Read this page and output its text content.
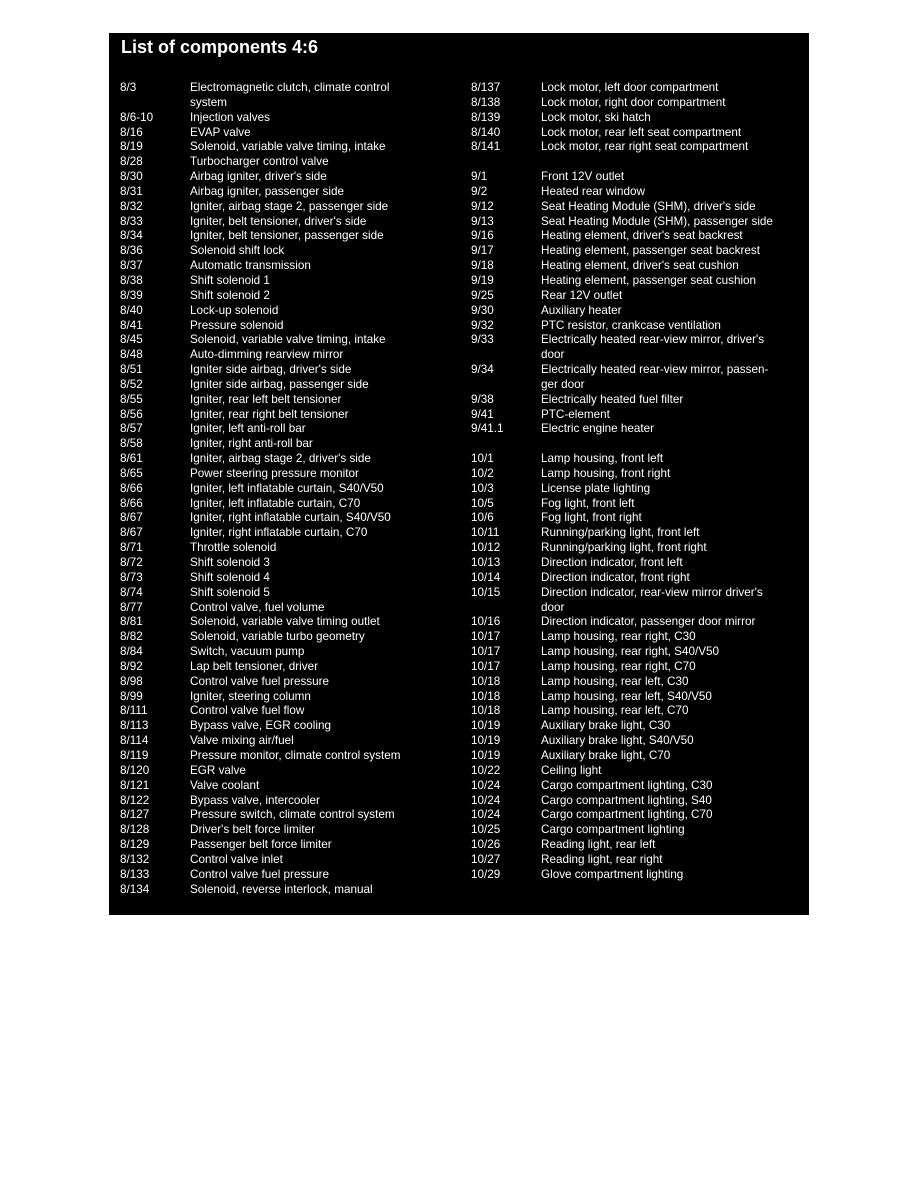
List of components 4:6
8/3	Electromagnetic clutch, climate control
system
8/6-10	Injection valves
8/16	EVAP valve
8/19	Solenoid, variable valve timing, intake
8/28	Turbocharger control valve
8/30	Airbag igniter, driver's side
8/31	Airbag igniter, passenger side
8/32	Igniter, airbag stage 2, passenger side
8/33	Igniter, belt tensioner, driver's side
8/34	Igniter, belt tensioner, passenger side
8/36	Solenoid shift lock
8/37	Automatic transmission
8/38	Shift solenoid 1
8/39	Shift solenoid 2
8/40	Lock-up solenoid
8/41	Pressure solenoid
8/45	Solenoid, variable valve timing, intake
8/48	Auto-dimming rearview mirror
8/51	Igniter side airbag, driver's side
8/52	Igniter side airbag, passenger side
8/55	Igniter, rear left belt tensioner
8/56	Igniter, rear right belt tensioner
8/57	Igniter, left anti-roll bar
8/58	Igniter, right anti-roll bar
8/61	Igniter, airbag stage 2, driver's side
8/65	Power steering pressure monitor
8/66	Igniter, left inflatable curtain, S40/V50
8/66	Igniter, left inflatable curtain, C70
8/67	Igniter, right inflatable curtain, S40/V50
8/67	Igniter, right inflatable curtain, C70
8/71	Throttle solenoid
8/72	Shift solenoid 3
8/73	Shift solenoid 4
8/74	Shift solenoid 5
8/77	Control valve, fuel volume
8/81	Solenoid, variable valve timing outlet
8/82	Solenoid, variable turbo geometry
8/84	Switch, vacuum pump
8/92	Lap belt tensioner, driver
8/98	Control valve fuel pressure
8/99	Igniter, steering column
8/111	Control valve fuel flow
8/113	Bypass valve, EGR cooling
8/114	Valve mixing air/fuel
8/119	Pressure monitor, climate control system
8/120	EGR valve
8/121	Valve coolant
8/122	Bypass valve, intercooler
8/127	Pressure switch, climate control system
8/128	Driver's belt force limiter
8/129	Passenger belt force limiter
8/132	Control valve inlet
8/133	Control valve fuel pressure
8/134	Solenoid, reverse interlock, manual
8/137	Lock motor, left door compartment
8/138	Lock motor, right door compartment
8/139	Lock motor, ski hatch
8/140	Lock motor, rear left seat compartment
8/141	Lock motor, rear right seat compartment
9/1	Front 12V outlet
9/2	Heated rear window
9/12	Seat Heating Module (SHM), driver's side
9/13	Seat Heating Module (SHM), passenger side
9/16	Heating element, driver's seat backrest
9/17	Heating element, passenger seat backrest
9/18	Heating element, driver's seat cushion
9/19	Heating element, passenger seat cushion
9/25	Rear 12V outlet
9/30	Auxiliary heater
9/32	PTC resistor, crankcase ventilation
9/33	Electrically heated rear-view mirror, driver's
door
9/34	Electrically heated rear-view mirror, passen-
ger door
9/38	Electrically heated fuel filter
9/41	PTC-element
9/41.1	Electric engine heater
10/1	Lamp housing, front left
10/2	Lamp housing, front right
10/3	License plate lighting
10/5	Fog light, front left
10/6	Fog light, front right
10/11	Running/parking light, front left
10/12	Running/parking light, front right
10/13	Direction indicator, front left
10/14	Direction indicator, front right
10/15	Direction indicator, rear-view mirror driver's
door
10/16	Direction indicator, passenger door mirror
10/17	Lamp housing, rear right, C30
10/17	Lamp housing, rear right, S40/V50
10/17	Lamp housing, rear right, C70
10/18	Lamp housing, rear left, C30
10/18	Lamp housing, rear left, S40/V50
10/18	Lamp housing, rear left, C70
10/19	Auxiliary brake light, C30
10/19	Auxiliary brake light, S40/V50
10/19	Auxiliary brake light, C70
10/22	Ceiling light
10/24	Cargo compartment lighting, C30
10/24	Cargo compartment lighting, S40
10/24	Cargo compartment lighting, C70
10/25	Cargo compartment lighting
10/26	Reading light, rear left
10/27	Reading light, rear right
10/29	Glove compartment lighting
